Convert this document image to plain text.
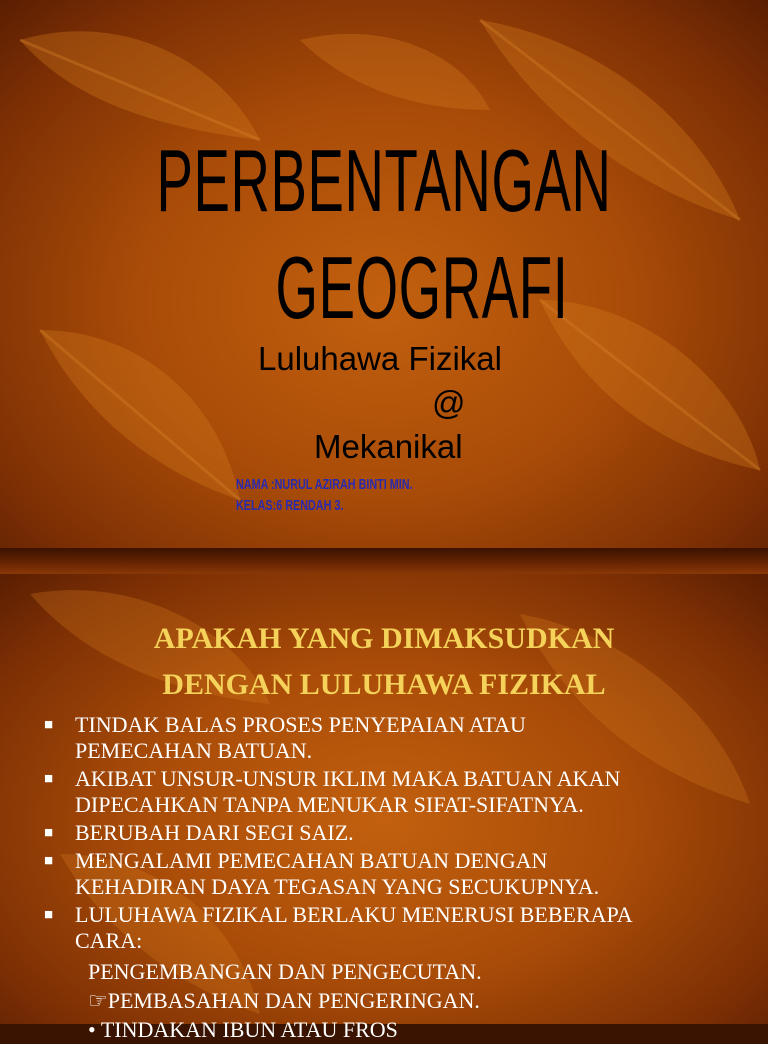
PERBENTANGAN
GEOGRAFI
Luluhawa Fizikal
@
Mekanikal
NAMA :NURUL AZIRAH BINTI MIN.
KELAS:6 RENDAH 3.
APAKAH YANG DIMAKSUDKAN
DENGAN LULUHAWA FIZIKAL
■ TINDAK BALAS PROSES PENYEPAIAN ATAU
PEMECAHAN BATUAN.
■ AKIBAT UNSUR-UNSUR IKLIM MAKA BATUAN AKAN
DIPECAHKAN TANPA MENUKAR SIFAT-SIFATNYA.
■ BERUBAH DARI SEGI SAIZ.
■ MENGALAMI PEMECAHAN BATUAN DENGAN
KEHADIRAN DAYA TEGASAN YANG SECUKUPNYA.
■ LULUHAWA FIZIKAL BERLAKU MENERUSI BEBERAPA
CARA:
PENGEMBANGAN DAN PENGECUTAN.
☞PEMBASAHAN DAN PENGERINGAN.
• TINDAKAN IBUN ATAU FROS
